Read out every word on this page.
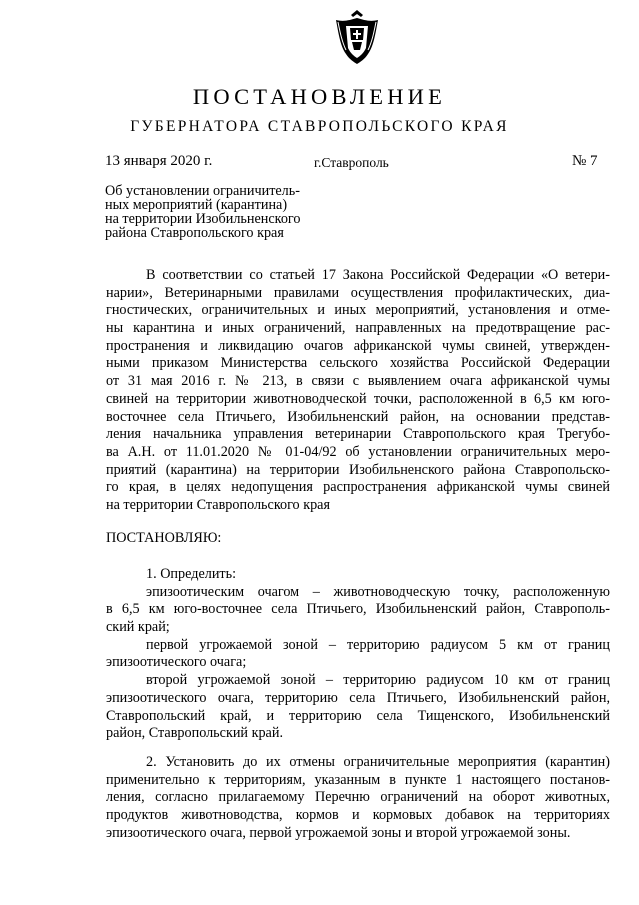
ПОСТАНОВЛЕНИЕ
ГУБЕРНАТОРА СТАВРОПОЛЬСКОГО КРАЯ
13 января 2020 г.	г.Ставрополь	№ 7
Об установлении ограничитель-
ных мероприятий (карантина)
на территории Изобильненского
района Ставропольского края
В соответствии со статьей 17 Закона Российской Федерации «О ветери-
нарии», Ветеринарными правилами осуществления профилактических, диа-
гностических, ограничительных и иных мероприятий, установления и отме-
ны карантина и иных ограничений, направленных на предотвращение рас-
пространения и ликвидацию очагов африканской чумы свиней, утвержден-
ными приказом Министерства сельского хозяйства Российской Федерации
от 31 мая 2016 г. № 213, в связи с выявлением очага африканской чумы
свиней на территории животноводческой точки, расположенной в 6,5 км юго-
восточнее села Птичьего, Изобильненский район, на основании представ-
ления начальника управления ветеринарии Ставропольского края Трегубо-
ва А.Н. от 11.01.2020 № 01-04/92 об установлении ограничительных меро-
приятий (карантина) на территории Изобильненского района Ставропольско-
го края, в целях недопущения распространения африканской чумы свиней
на территории Ставропольского края
ПОСТАНОВЛЯЮ:
1. Определить:
эпизоотическим очагом – животноводческую точку, расположенную
в 6,5 км юго-восточнее села Птичьего, Изобильненский район, Ставрополь-
ский край;
первой угрожаемой зоной – территорию радиусом 5 км от границ
эпизоотического очага;
второй угрожаемой зоной – территорию радиусом 10 км от границ
эпизоотического очага, территорию села Птичьего, Изобильненский район,
Ставропольский край, и территорию села Тищенского, Изобильненский
район, Ставропольский край.
2. Установить до их отмены ограничительные мероприятия (карантин)
применительно к территориям, указанным в пункте 1 настоящего постанов-
ления, согласно прилагаемому Перечню ограничений на оборот животных,
продуктов животноводства, кормов и кормовых добавок на территориях
эпизоотического очага, первой угрожаемой зоны и второй угрожаемой зоны.
